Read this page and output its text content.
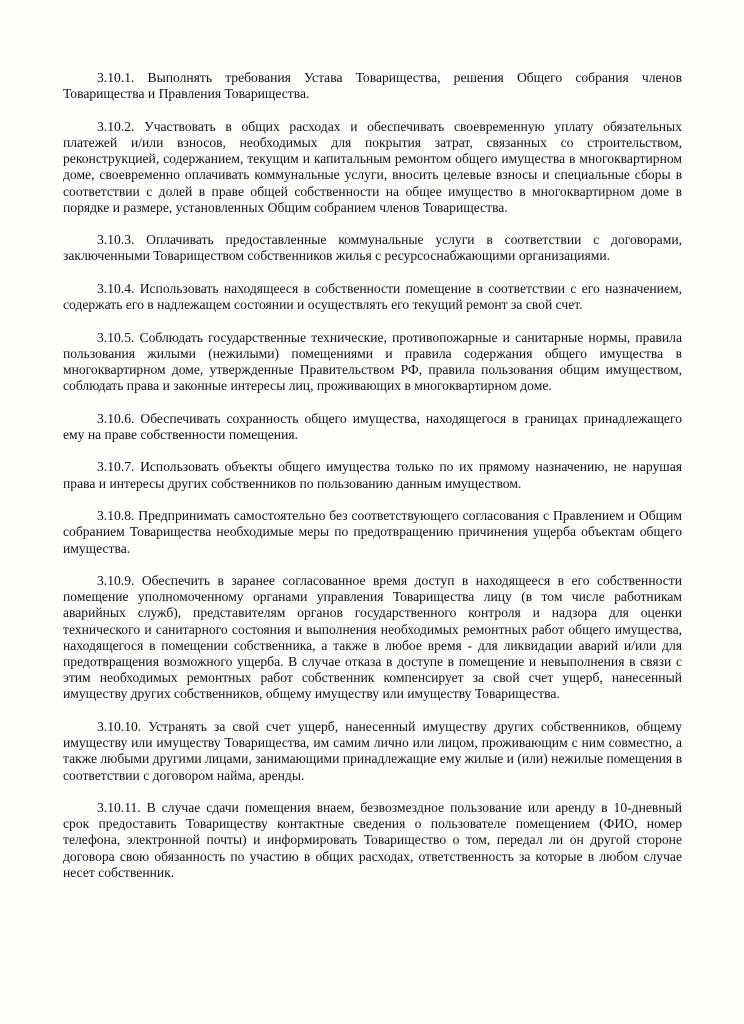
3.10.1. Выполнять требования Устава Товарищества, решения Общего собрания членов Товарищества и Правления Товарищества.

3.10.2. Участвовать в общих расходах и обеспечивать своевременную уплату обязательных платежей и/или взносов, необходимых для покрытия затрат, связанных со строительством, реконструкцией, содержанием, текущим и капитальным ремонтом общего имущества в многоквартирном доме, своевременно оплачивать коммунальные услуги, вносить целевые взносы и специальные сборы в соответствии с долей в праве общей собственности на общее имущество в многоквартирном доме в порядке и размере, установленных Общим собранием членов Товарищества.

3.10.3. Оплачивать предоставленные коммунальные услуги в соответствии с договорами, заключенными Товариществом собственников жилья с ресурсоснабжающими организациями.

3.10.4. Использовать находящееся в собственности помещение в соответствии с его назначением, содержать его в надлежащем состоянии и осуществлять его текущий ремонт за свой счет.

3.10.5. Соблюдать государственные технические, противопожарные и санитарные нормы, правила пользования жилыми (нежилыми) помещениями и правила содержания общего имущества в многоквартирном доме, утвержденные Правительством РФ, правила пользования общим имуществом, соблюдать права и законные интересы лиц, проживающих в многоквартирном доме.

3.10.6. Обеспечивать сохранность общего имущества, находящегося в границах принадлежащего ему на праве собственности помещения.

3.10.7. Использовать объекты общего имущества только по их прямому назначению, не нарушая права и интересы других собственников по пользованию данным имуществом.

3.10.8. Предпринимать самостоятельно без соответствующего согласования с Правлением и Общим собранием Товарищества необходимые меры по предотвращению причинения ущерба объектам общего имущества.

3.10.9. Обеспечить в заранее согласованное время доступ в находящееся в его собственности помещение уполномоченному органами управления Товарищества лицу (в том числе работникам аварийных служб), представителям органов государственного контроля и надзора для оценки технического и санитарного состояния и выполнения необходимых ремонтных работ общего имущества, находящегося в помещении собственника, а также в любое время - для ликвидации аварий и/или для предотвращения возможного ущерба. В случае отказа в доступе в помещение и невыполнения в связи с этим необходимых ремонтных работ собственник компенсирует за свой счет ущерб, нанесенный имуществу других собственников, общему имуществу или имуществу Товарищества.

3.10.10. Устранять за свой счет ущерб, нанесенный имуществу других собственников, общему имуществу или имуществу Товарищества, им самим лично или лицом, проживающим с ним совместно, а также любыми другими лицами, занимающими принадлежащие ему жилые и (или) нежилые помещения в соответствии с договором найма, аренды.

3.10.11. В случае сдачи помещения внаем, безвозмездное пользование или аренду в 10-дневный срок предоставить Товариществу контактные сведения о пользователе помещением (ФИО, номер телефона, электронной почты) и информировать Товарищество о том, передал ли он другой стороне договора свою обязанность по участию в общих расходах, ответственность за которые в любом случае несет собственник.
